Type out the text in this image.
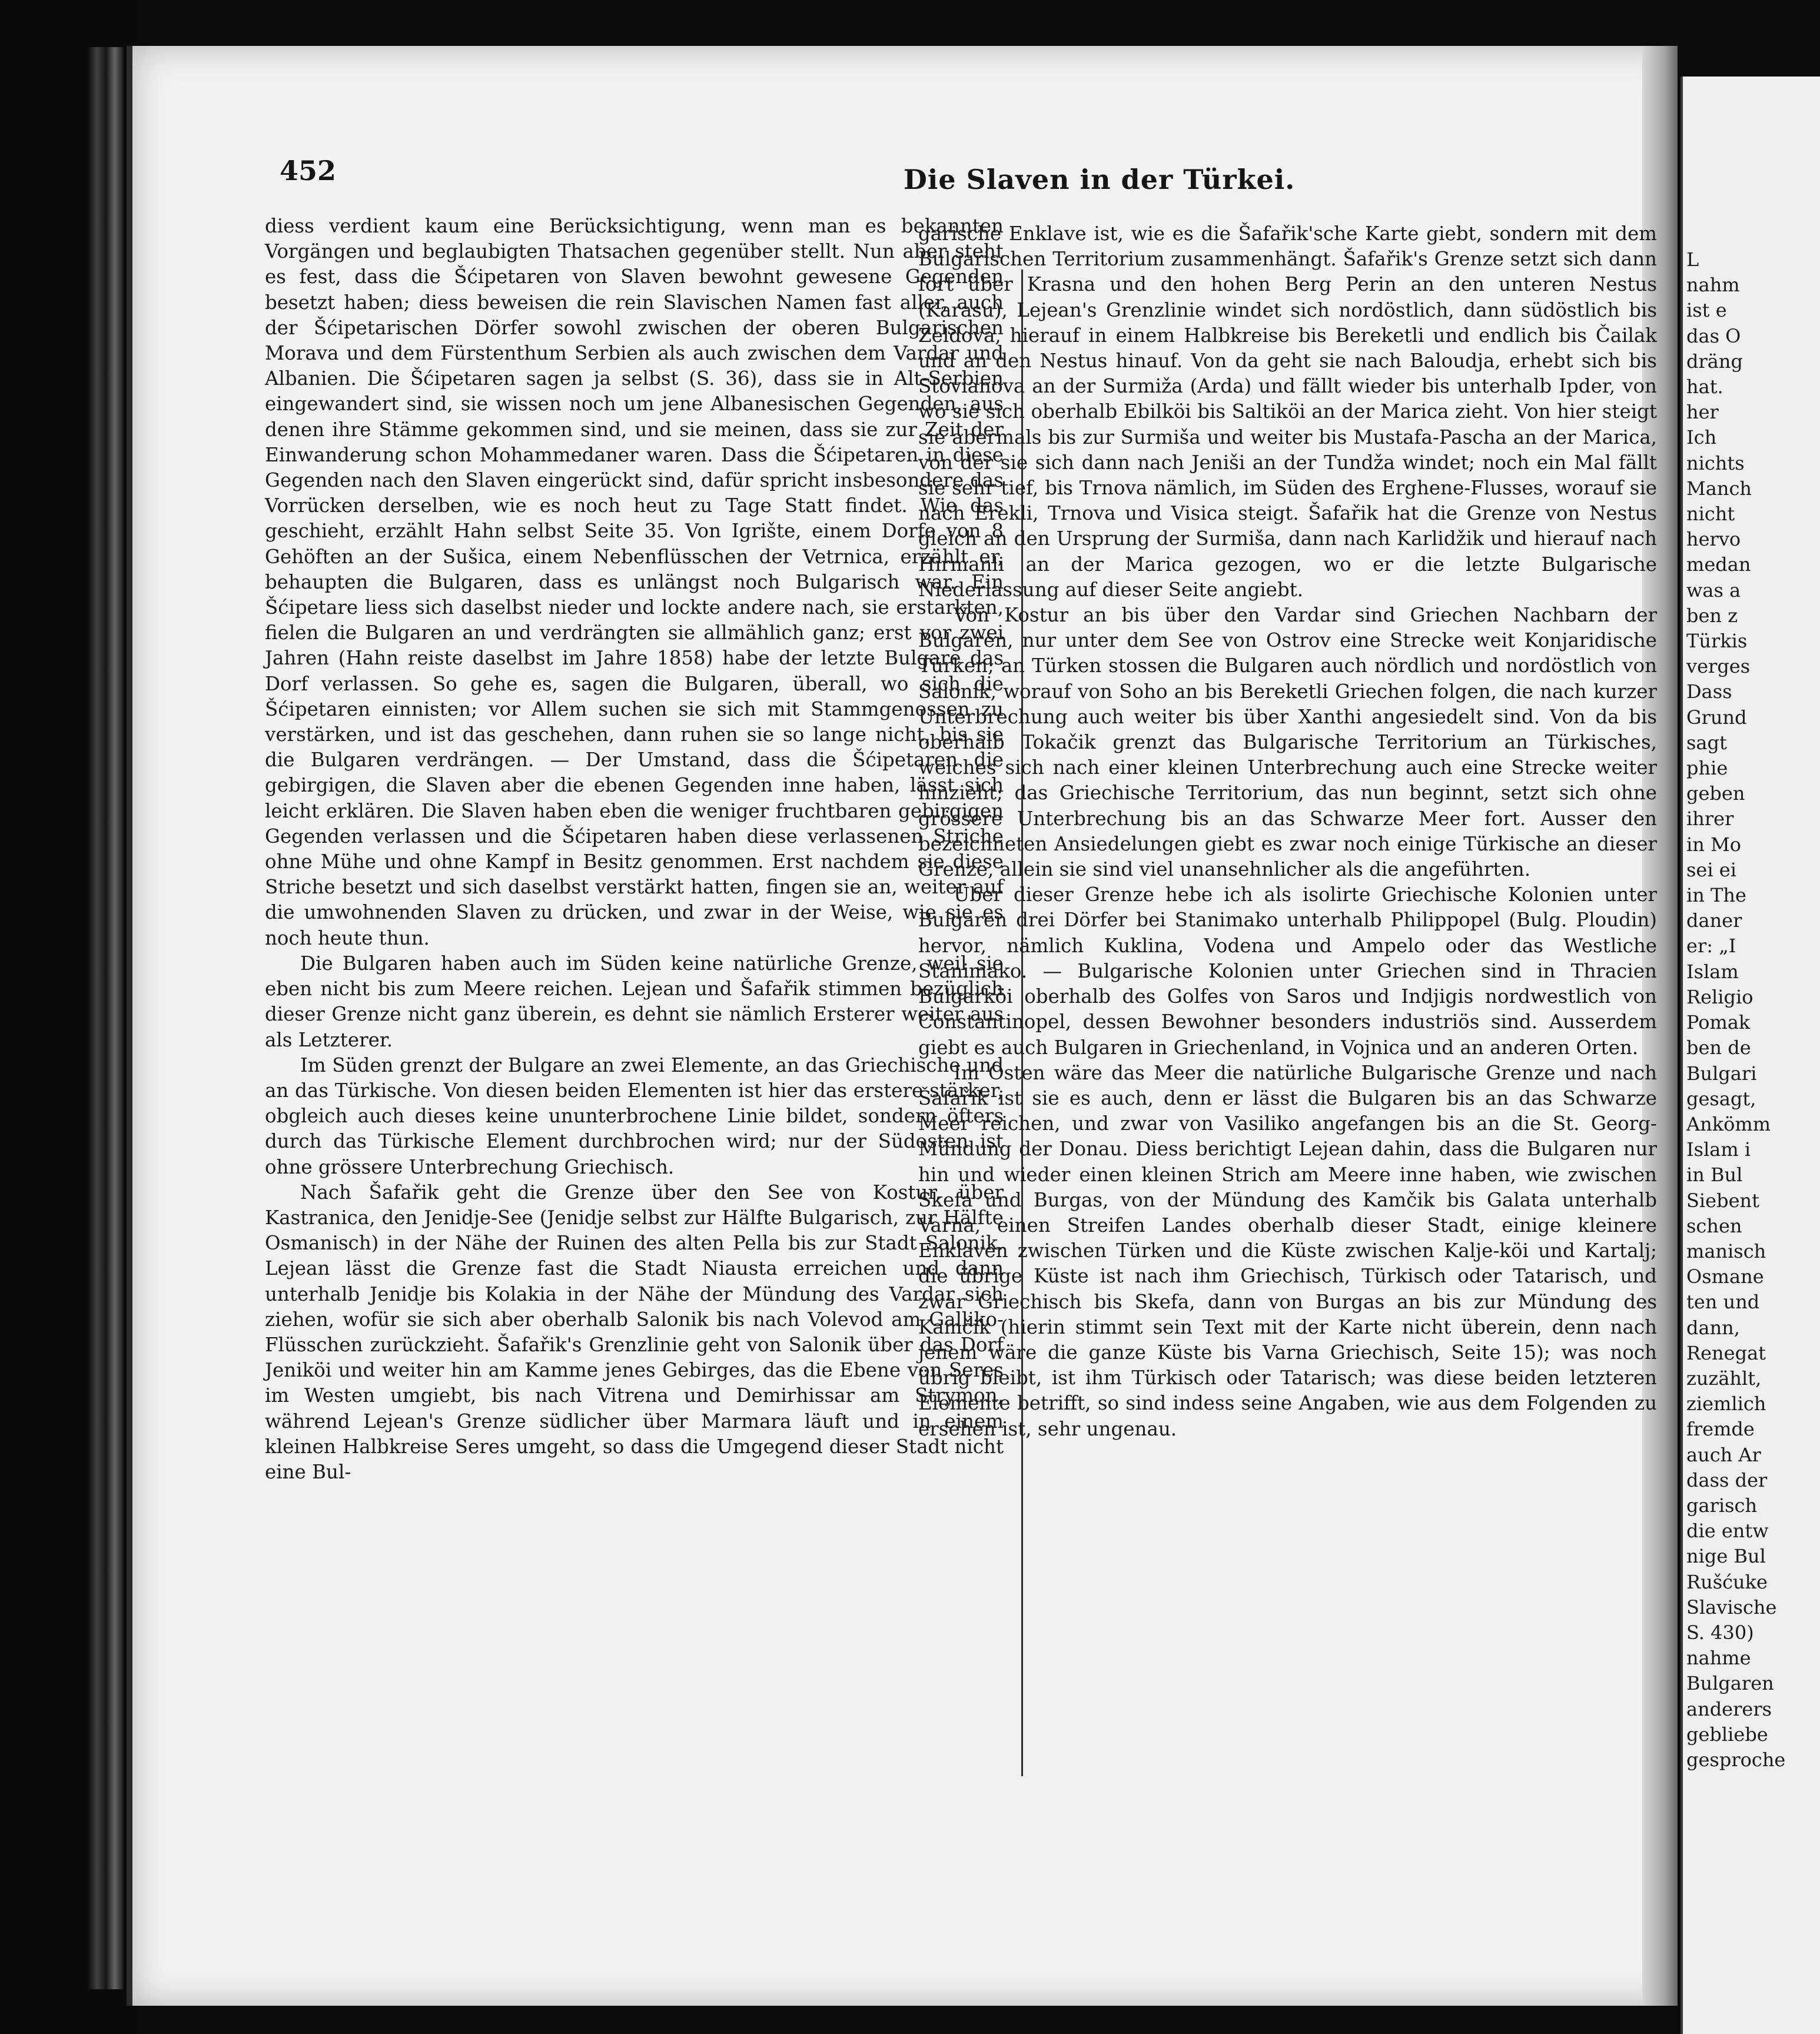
452	Die Slaven in der Türkei.

diess verdient kaum eine Berücksichtigung, wenn man es bekannten Vorgängen und beglaubigten Thatsachen gegenüber stellt. Nun aber steht es fest, dass die Šćipetaren von Slaven bewohnt gewesene Gegenden besetzt haben; diess beweisen die rein Slavischen Namen fast aller, auch der Šćipetarischen Dörfer sowohl zwischen der oberen Bulgarischen Morava und dem Fürstenthum Serbien als auch zwischen dem Vardar und Albanien. Die Šćipetaren sagen ja selbst (S. 36), dass sie in Alt-Serbien eingewandert sind, sie wissen noch um jene Albanesischen Gegenden, aus denen ihre Stämme gekommen sind, und sie meinen, dass sie zur Zeit der Einwanderung schon Mohammedaner waren. Dass die Šćipetaren in diese Gegenden nach den Slaven eingerückt sind, dafür spricht insbesondere das Vorrücken derselben, wie es noch heut zu Tage Statt findet. Wie das geschieht, erzählt Hahn selbst Seite 35. Von Igrište, einem Dorfe von 8 Gehöften an der Sušica, einem Nebenflüsschen der Vetrnica, erzählt er, behaupten die Bulgaren, dass es unlängst noch Bulgarisch war. Ein Šćipetare liess sich daselbst nieder und lockte andere nach, sie erstarkten, fielen die Bulgaren an und verdrängten sie allmählich ganz; erst vor zwei Jahren (Hahn reiste daselbst im Jahre 1858) habe der letzte Bulgare das Dorf verlassen. So gehe es, sagen die Bulgaren, überall, wo sich die Šćipetaren einnisten; vor Allem suchen sie sich mit Stammgenossen zu verstärken, und ist das geschehen, dann ruhen sie so lange nicht, bis sie die Bulgaren verdrängen. — Der Umstand, dass die Šćipetaren die gebirgigen, die Slaven aber die ebenen Gegenden inne haben, lässt sich leicht erklären. Die Slaven haben eben die weniger fruchtbaren gebirgigen Gegenden verlassen und die Šćipetaren haben diese verlassenen Striche ohne Mühe und ohne Kampf in Besitz genommen. Erst nachdem sie diese Striche besetzt und sich daselbst verstärkt hatten, fingen sie an, weiter auf die umwohnenden Slaven zu drücken, und zwar in der Weise, wie sie es noch heute thun.

Die Bulgaren haben auch im Süden keine natürliche Grenze, weil sie eben nicht bis zum Meere reichen. Lejean und Šafařik stimmen bezüglich dieser Grenze nicht ganz überein, es dehnt sie nämlich Ersterer weiter aus als Letzterer.

Im Süden grenzt der Bulgare an zwei Elemente, an das Griechische und an das Türkische. Von diesen beiden Elementen ist hier das erstere stärker, obgleich auch dieses keine ununterbrochene Linie bildet, sondern öfters durch das Türkische Element durchbrochen wird; nur der Südosten ist ohne grössere Unterbrechung Griechisch.

Nach Šafařik geht die Grenze über den See von Kostur, über Kastranica, den Jenidje-See (Jenidje selbst zur Hälfte Bulgarisch, zur Hälfte Osmanisch) in der Nähe der Ruinen des alten Pella bis zur Stadt Salonik. Lejean lässt die Grenze fast die Stadt Niausta erreichen und dann unterhalb Jenidje bis Kolakia in der Nähe der Mündung des Vardar sich ziehen, wofür sie sich aber oberhalb Salonik bis nach Volevod am Galliko-Flüsschen zurückzieht. Šafařik's Grenzlinie geht von Salonik über das Dorf Jeniköi und weiter hin am Kamme jenes Gebirges, das die Ebene von Seres im Westen umgiebt, bis nach Vitrena und Demirhissar am Strymon, während Lejean's Grenze südlicher über Marmara läuft und in einem kleinen Halbkreise Seres umgeht, so dass die Umgegend dieser Stadt nicht eine Bul-

garische Enklave ist, wie es die Šafařik'sche Karte giebt, sondern mit dem Bulgarischen Territorium zusammenhängt. Šafařik's Grenze setzt sich dann fort über Krasna und den hohen Berg Perin an den unteren Nestus (Karasu), Lejean's Grenzlinie windet sich nordöstlich, dann südöstlich bis Zeldova, hierauf in einem Halbkreise bis Bereketli und endlich bis Čailak und an den Nestus hinauf. Von da geht sie nach Baloudja, erhebt sich bis Stovianova an der Surmiža (Arda) und fällt wieder bis unterhalb Ipder, von wo sie sich oberhalb Ebilköi bis Saltiköi an der Marica zieht. Von hier steigt sie abermals bis zur Surmiša und weiter bis Mustafa-Pascha an der Marica, von der sie sich dann nach Jeniši an der Tundža windet; noch ein Mal fällt sie sehr tief, bis Trnova nämlich, im Süden des Erghene-Flusses, worauf sie nach Erekli, Trnova und Visica steigt. Šafařik hat die Grenze von Nestus gleich an den Ursprung der Surmiša, dann nach Karlidžik und hierauf nach Hirmanli an der Marica gezogen, wo er die letzte Bulgarische Niederlassung auf dieser Seite angiebt.

Von Kostur an bis über den Vardar sind Griechen Nachbarn der Bulgaren, nur unter dem See von Ostrov eine Strecke weit Konjaridische Türken; an Türken stossen die Bulgaren auch nördlich und nordöstlich von Salonik, worauf von Soho an bis Bereketli Griechen folgen, die nach kurzer Unterbrechung auch weiter bis über Xanthi angesiedelt sind. Von da bis oberhalb Tokačik grenzt das Bulgarische Territorium an Türkisches, welches sich nach einer kleinen Unterbrechung auch eine Strecke weiter hinzieht; das Griechische Territorium, das nun beginnt, setzt sich ohne grössere Unterbrechung bis an das Schwarze Meer fort. Ausser den bezeichneten Ansiedelungen giebt es zwar noch einige Türkische an dieser Grenze, allein sie sind viel unansehnlicher als die angeführten.

Über dieser Grenze hebe ich als isolirte Griechische Kolonien unter Bulgaren drei Dörfer bei Stanimako unterhalb Philippopel (Bulg. Ploudin) hervor, nämlich Kuklina, Vodena und Ampelo oder das Westliche Stanimako. — Bulgarische Kolonien unter Griechen sind in Thracien Bulgarköi oberhalb des Golfes von Saros und Indjigis nordwestlich von Constantinopel, dessen Bewohner besonders industriös sind. Ausserdem giebt es auch Bulgaren in Griechenland, in Vojnica und an anderen Orten.

Im Osten wäre das Meer die natürliche Bulgarische Grenze und nach Šafařik ist sie es auch, denn er lässt die Bulgaren bis an das Schwarze Meer reichen, und zwar von Vasiliko angefangen bis an die St. Georg-Mündung der Donau. Diess berichtigt Lejean dahin, dass die Bulgaren nur hin und wieder einen kleinen Strich am Meere inne haben, wie zwischen Skefa und Burgas, von der Mündung des Kamčik bis Galata unterhalb Varna, einen Streifen Landes oberhalb dieser Stadt, einige kleinere Enklaven zwischen Türken und die Küste zwischen Kalje-köi und Kartalj; die übrige Küste ist nach ihm Griechisch, Türkisch oder Tatarisch, und zwar Griechisch bis Skefa, dann von Burgas an bis zur Mündung des Kamčik (hierin stimmt sein Text mit der Karte nicht überein, denn nach jenem wäre die ganze Küste bis Varna Griechisch, Seite 15); was noch übrig bleibt, ist ihm Türkisch oder Tatarisch; was diese beiden letzteren Elemente betrifft, so sind indess seine Angaben, wie aus dem Folgenden zu ersehen ist, sehr ungenau.

L
nahm
ist e
das O
dräng
hat.
her
Ich
nichts
Manch
nicht
hervo
medan
was a
ben z
Türkis
verges
Dass
Grund
sagt
phie
geben
ihrer
in Mo
sei ei
in The
daner
er: „I
Islam
Religio
Pomak
ben de
Bulgari
gesagt,
Ankömm
Islam i
in Bul
Siebent
schen
manisch
Osmane
ten und
dann,
Renegat
zuzählt,
ziemlich
fremde
auch Ar
dass der
garisch
die entw
nige Bul
Rušćuke
Slavische
S. 430)
nahme
Bulgaren
anderers
gebliebe
gesproche
